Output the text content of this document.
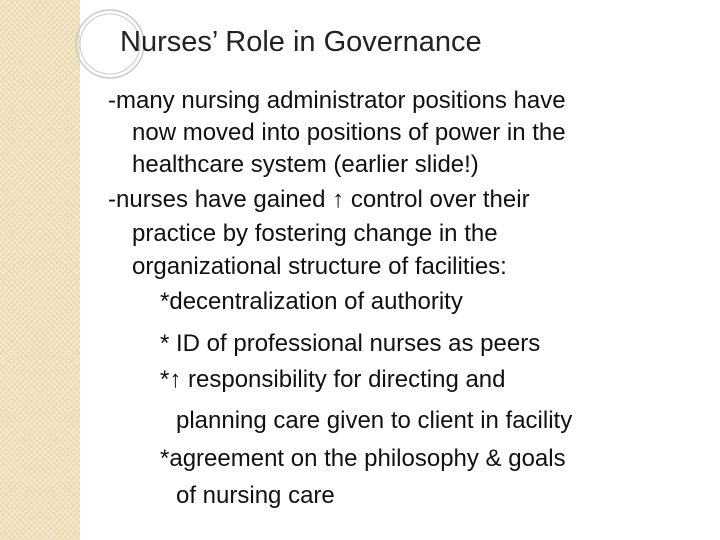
Nurses’ Role in Governance
-many nursing administrator positions have
now moved into positions of power in the
healthcare system (earlier slide!)
-nurses have gained ↑ control over their
practice by fostering change in the
organizational structure of facilities:
*decentralization of authority
* ID of professional nurses as peers
*↑ responsibility for directing and
planning care given to client in facility
*agreement on the philosophy & goals
of nursing care
